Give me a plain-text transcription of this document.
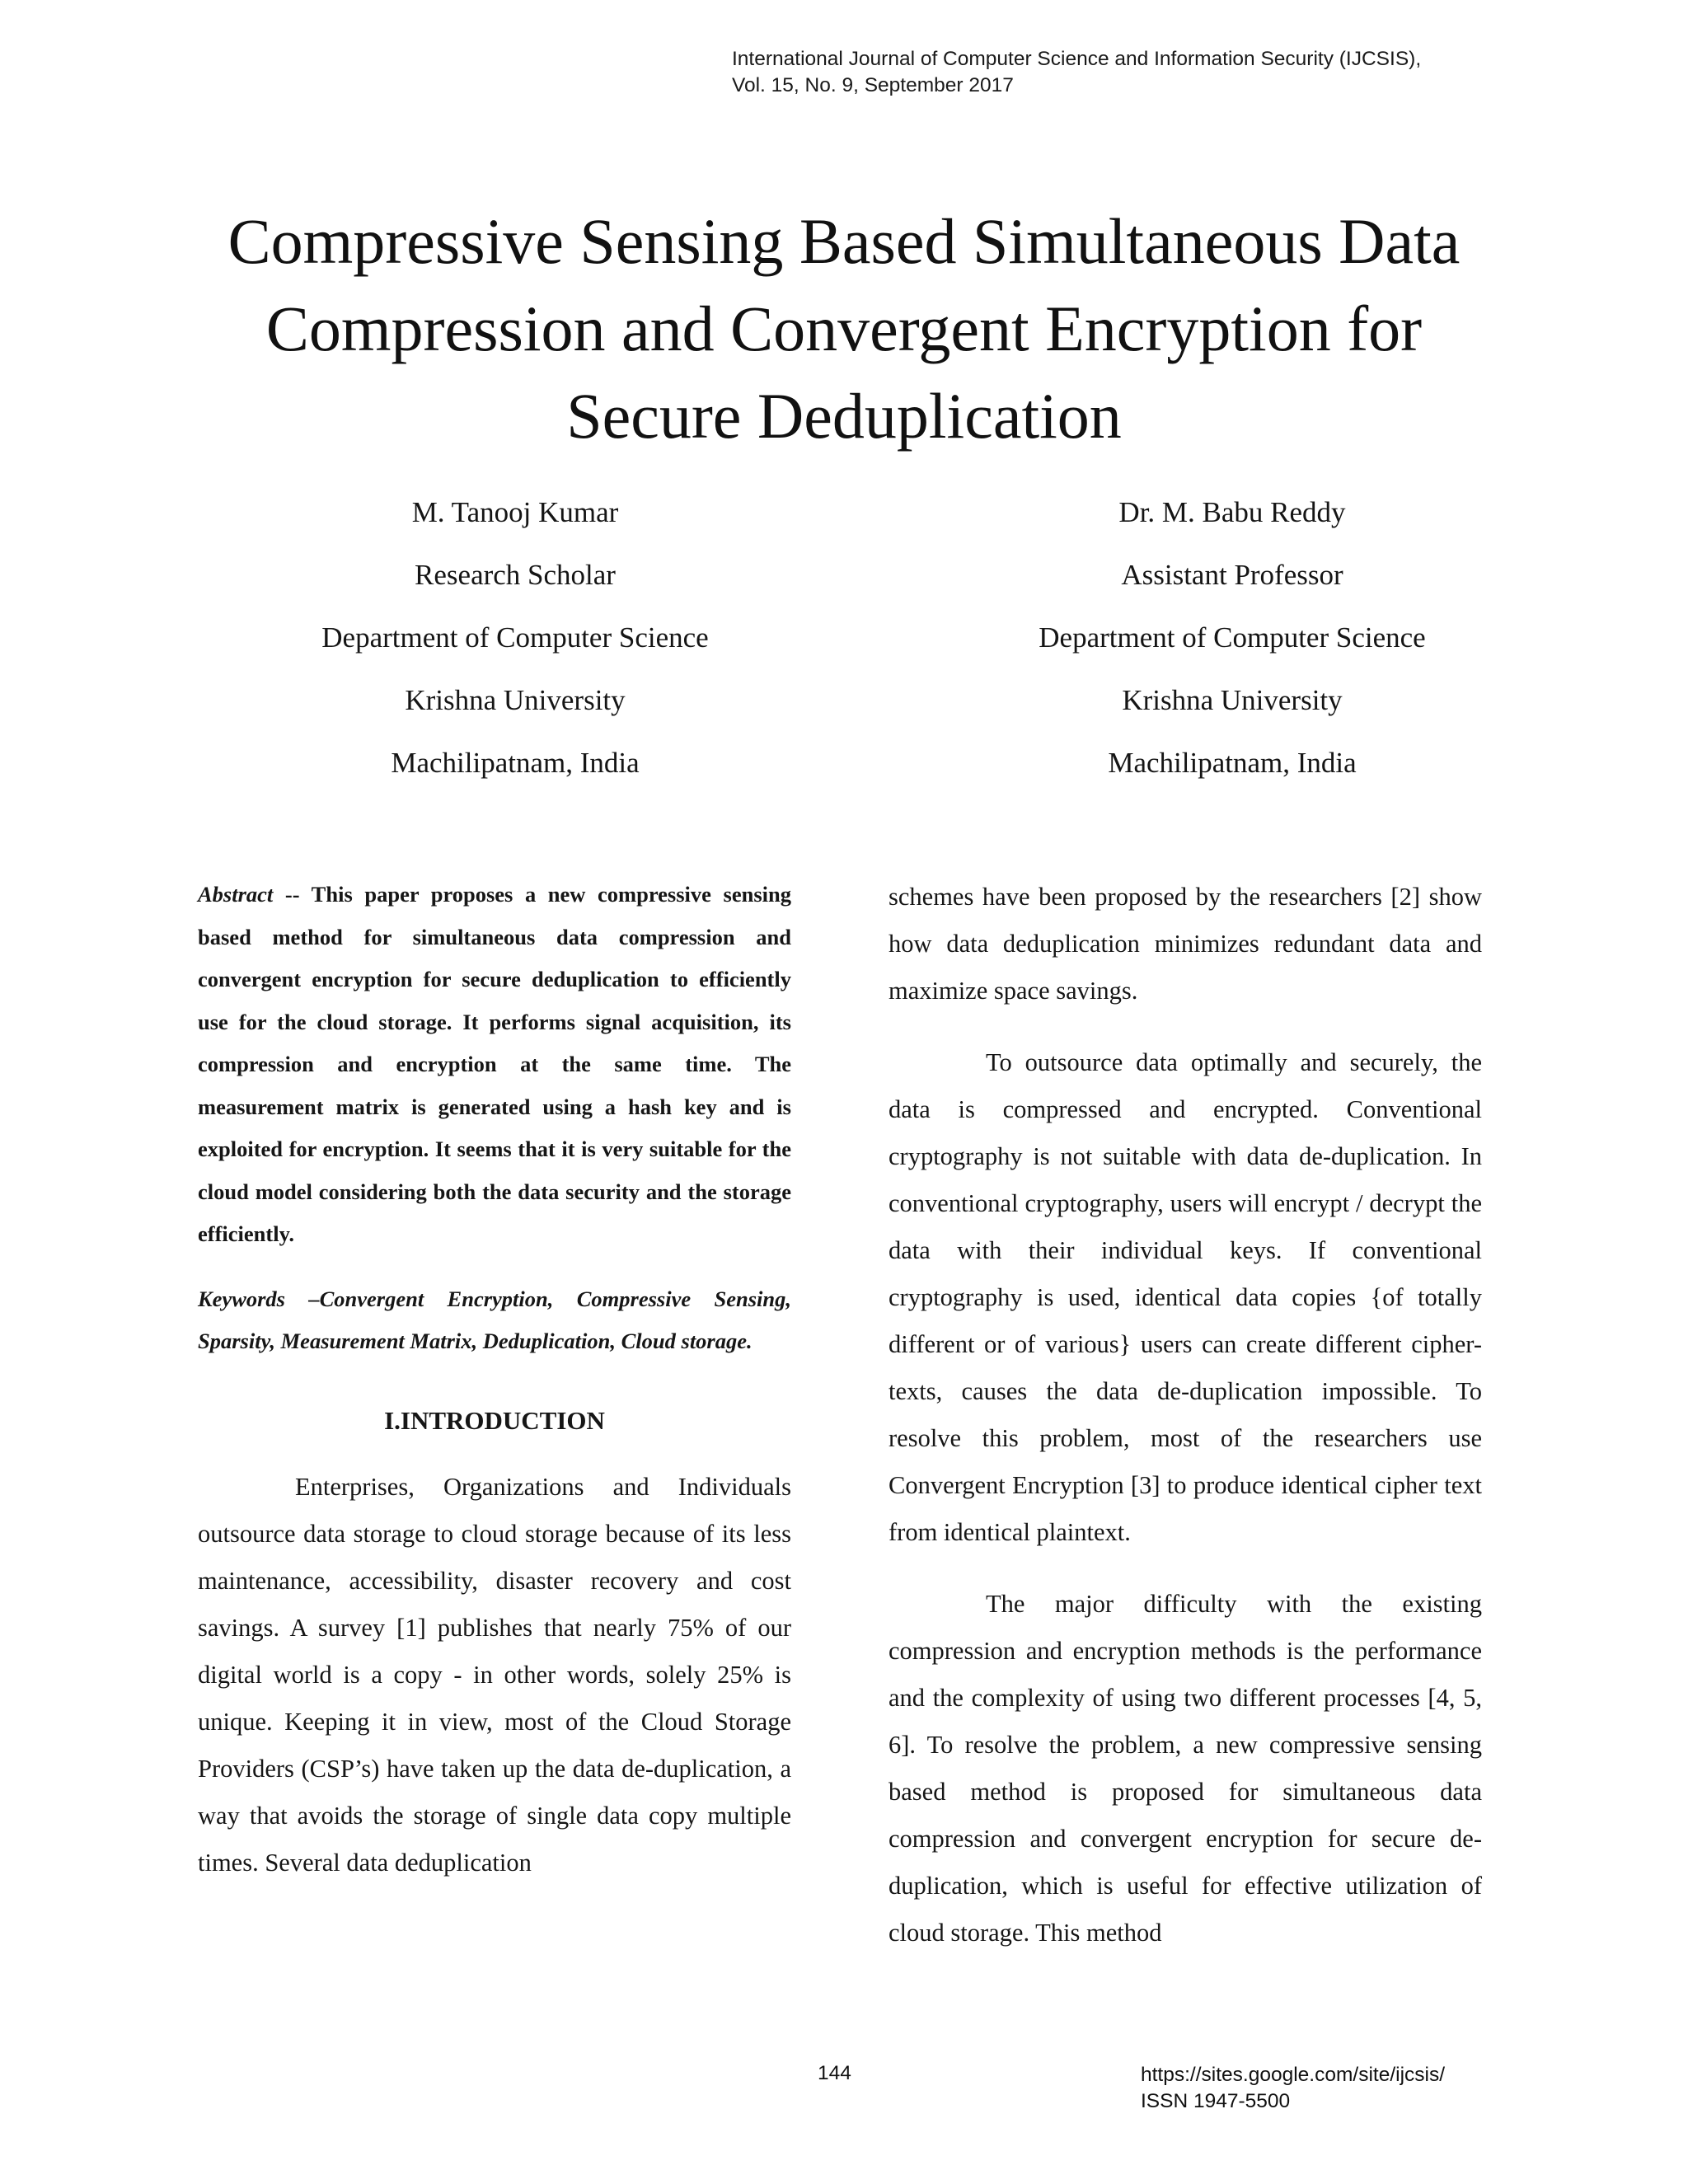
International Journal of Computer Science and Information Security (IJCSIS),
Vol. 15, No. 9, September 2017
Compressive Sensing Based Simultaneous Data
Compression and Convergent Encryption for
Secure Deduplication
M. Tanooj Kumar
Research Scholar
Department of Computer Science
Krishna University
Machilipatnam, India
Dr. M. Babu Reddy
Assistant Professor
Department of Computer Science
Krishna University
Machilipatnam, India

Abstract -- This paper proposes a new compressive sensing based method for simultaneous data compression and convergent encryption for secure deduplication to efficiently use for the cloud storage. It performs signal acquisition, its compression and encryption at the same time. The measurement matrix is generated using a hash key and is exploited for encryption. It seems that it is very suitable for the cloud model considering both the data security and the storage efficiently.

Keywords –Convergent Encryption, Compressive Sensing, Sparsity, Measurement Matrix, Deduplication, Cloud storage.

I.INTRODUCTION

Enterprises, Organizations and Individuals outsource data storage to cloud storage because of its less maintenance, accessibility, disaster recovery and cost savings. A survey [1] publishes that nearly 75% of our digital world is a copy - in other words, solely 25% is unique. Keeping it in view, most of the Cloud Storage Providers (CSP’s) have taken up the data de-duplication, a way that avoids the storage of single data copy multiple times. Several data deduplication

schemes have been proposed by the researchers [2] show how data deduplication minimizes redundant data and maximize space savings.

To outsource data optimally and securely, the data is compressed and encrypted. Conventional cryptography is not suitable with data de-duplication. In conventional cryptography, users will encrypt / decrypt the data with their individual keys. If conventional cryptography is used, identical data copies {of totally different or of various} users can create different cipher-texts, causes the data de-duplication impossible. To resolve this problem, most of the researchers use Convergent Encryption [3] to produce identical cipher text from identical plaintext.

The major difficulty with the existing compression and encryption methods is the performance and the complexity of using two different processes [4, 5, 6]. To resolve the problem, a new compressive sensing based method is proposed for simultaneous data compression and convergent encryption for secure de-duplication, which is useful for effective utilization of cloud storage. This method

144	https://sites.google.com/site/ijcsis/
ISSN 1947-5500
